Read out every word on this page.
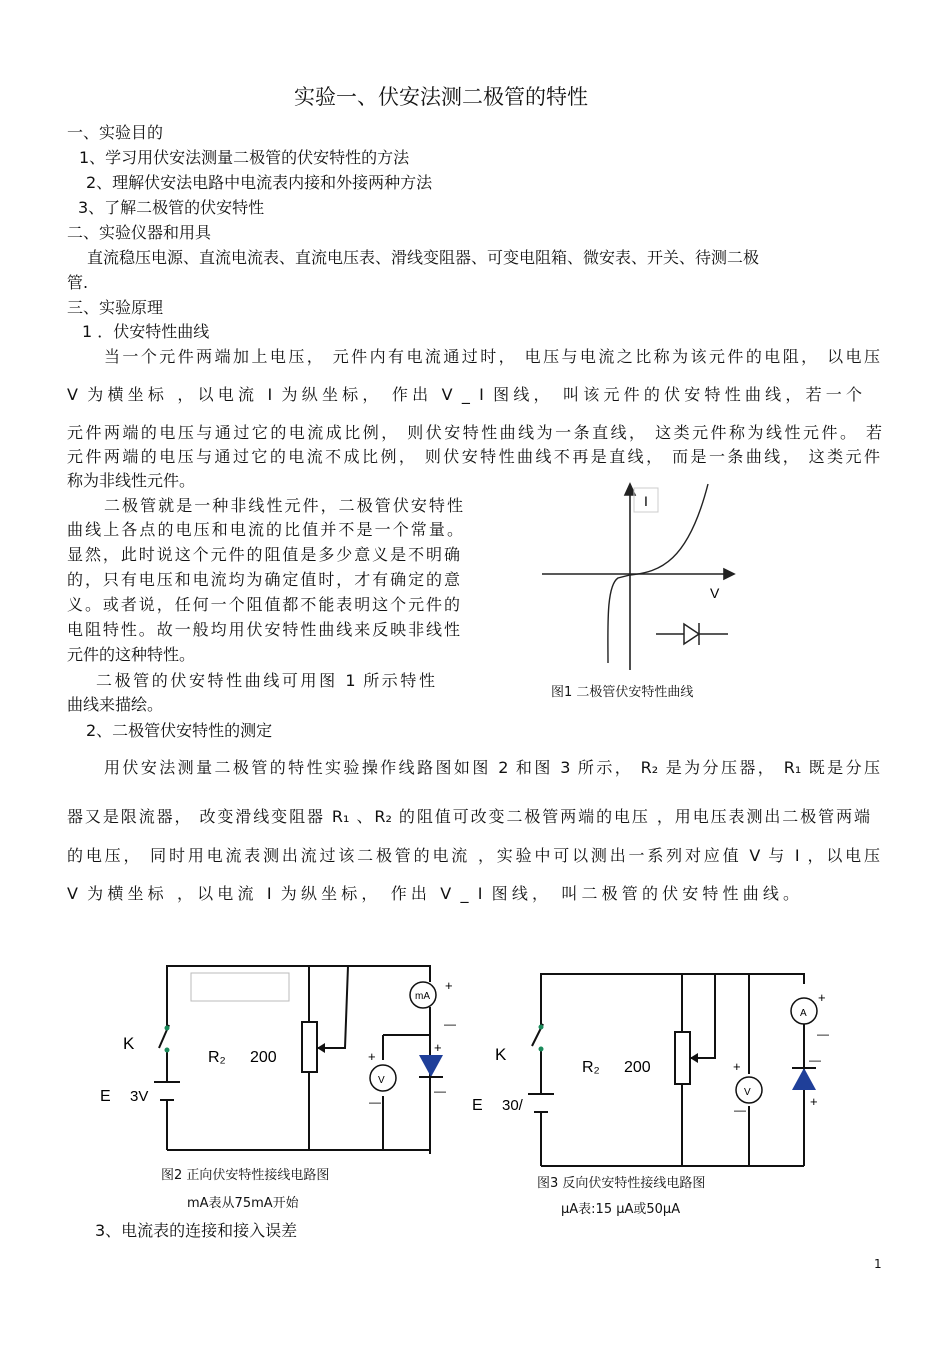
实验一、伏安法测二极管的特性
一、实验目的
1、学习用伏安法测量二极管的伏安特性的方法
2、理解伏安法电路中电流表内接和外接两种方法
3、了解二极管的伏安特性
二、实验仪器和用具
直流稳压电源、直流电流表、直流电压表、滑线变阻器、可变电阻箱、微安表、开关、待测二极
管.
三、实验原理
1 ．伏安特性曲线
当一个元件两端加上电压， 元件内有电流通过时， 电压与电流之比称为该元件的电阻， 以电压
V 为横坐标 ，以电流 I 为纵坐标， 作出 V _ I 图线， 叫该元件的伏安特性曲线，若一个
元件两端的电压与通过它的电流成比例， 则伏安特性曲线为一条直线， 这类元件称为线性元件。 若
元件两端的电压与通过它的电流不成比例， 则伏安特性曲线不再是直线， 而是一条曲线， 这类元件
称为非线性元件。
二极管就是一种非线性元件，二极管伏安特性
曲线上各点的电压和电流的比值并不是一个常量。
显然，此时说这个元件的阻值是多少意义是不明确
的，只有电压和电流均为确定值时，才有确定的意
义。或者说，任何一个阻值都不能表明这个元件的
电阻特性。故一般均用伏安特性曲线来反映非线性
元件的这种特性。
二极管的伏安特性曲线可用图 1 所示特性
曲线来描绘。
2、二极管伏安特性的测定
用伏安法测量二极管的特性实验操作线路图如图 2 和图 3 所示， R₂ 是为分压器， R₁ 既是分压
器又是限流器， 改变滑线变阻器 R₁ 、R₂ 的阻值可改变二极管两端的电压 ，用电压表测出二极管两端
的电压， 同时用电流表测出流过该二极管的电流 ，实验中可以测出一系列对应值 V 与 I ，以电压
V 为横坐标 ，以电流 I 为纵坐标， 作出 V _ I 图线， 叫二极管的伏安特性曲线。
3、电流表的连接和接入误差
I
V
图1 二极管伏安特性曲线
mA
+
—
V
+
—
+
—
K
E 3V
R₂ 200
图2 正向伏安特性接线电路图
mA表从75mA开始
A
+
—
V
+
—
—
+
K
E 30/
R₂ 200
图3 反向伏安特性接线电路图
μA表:15 μA或50μA
1
